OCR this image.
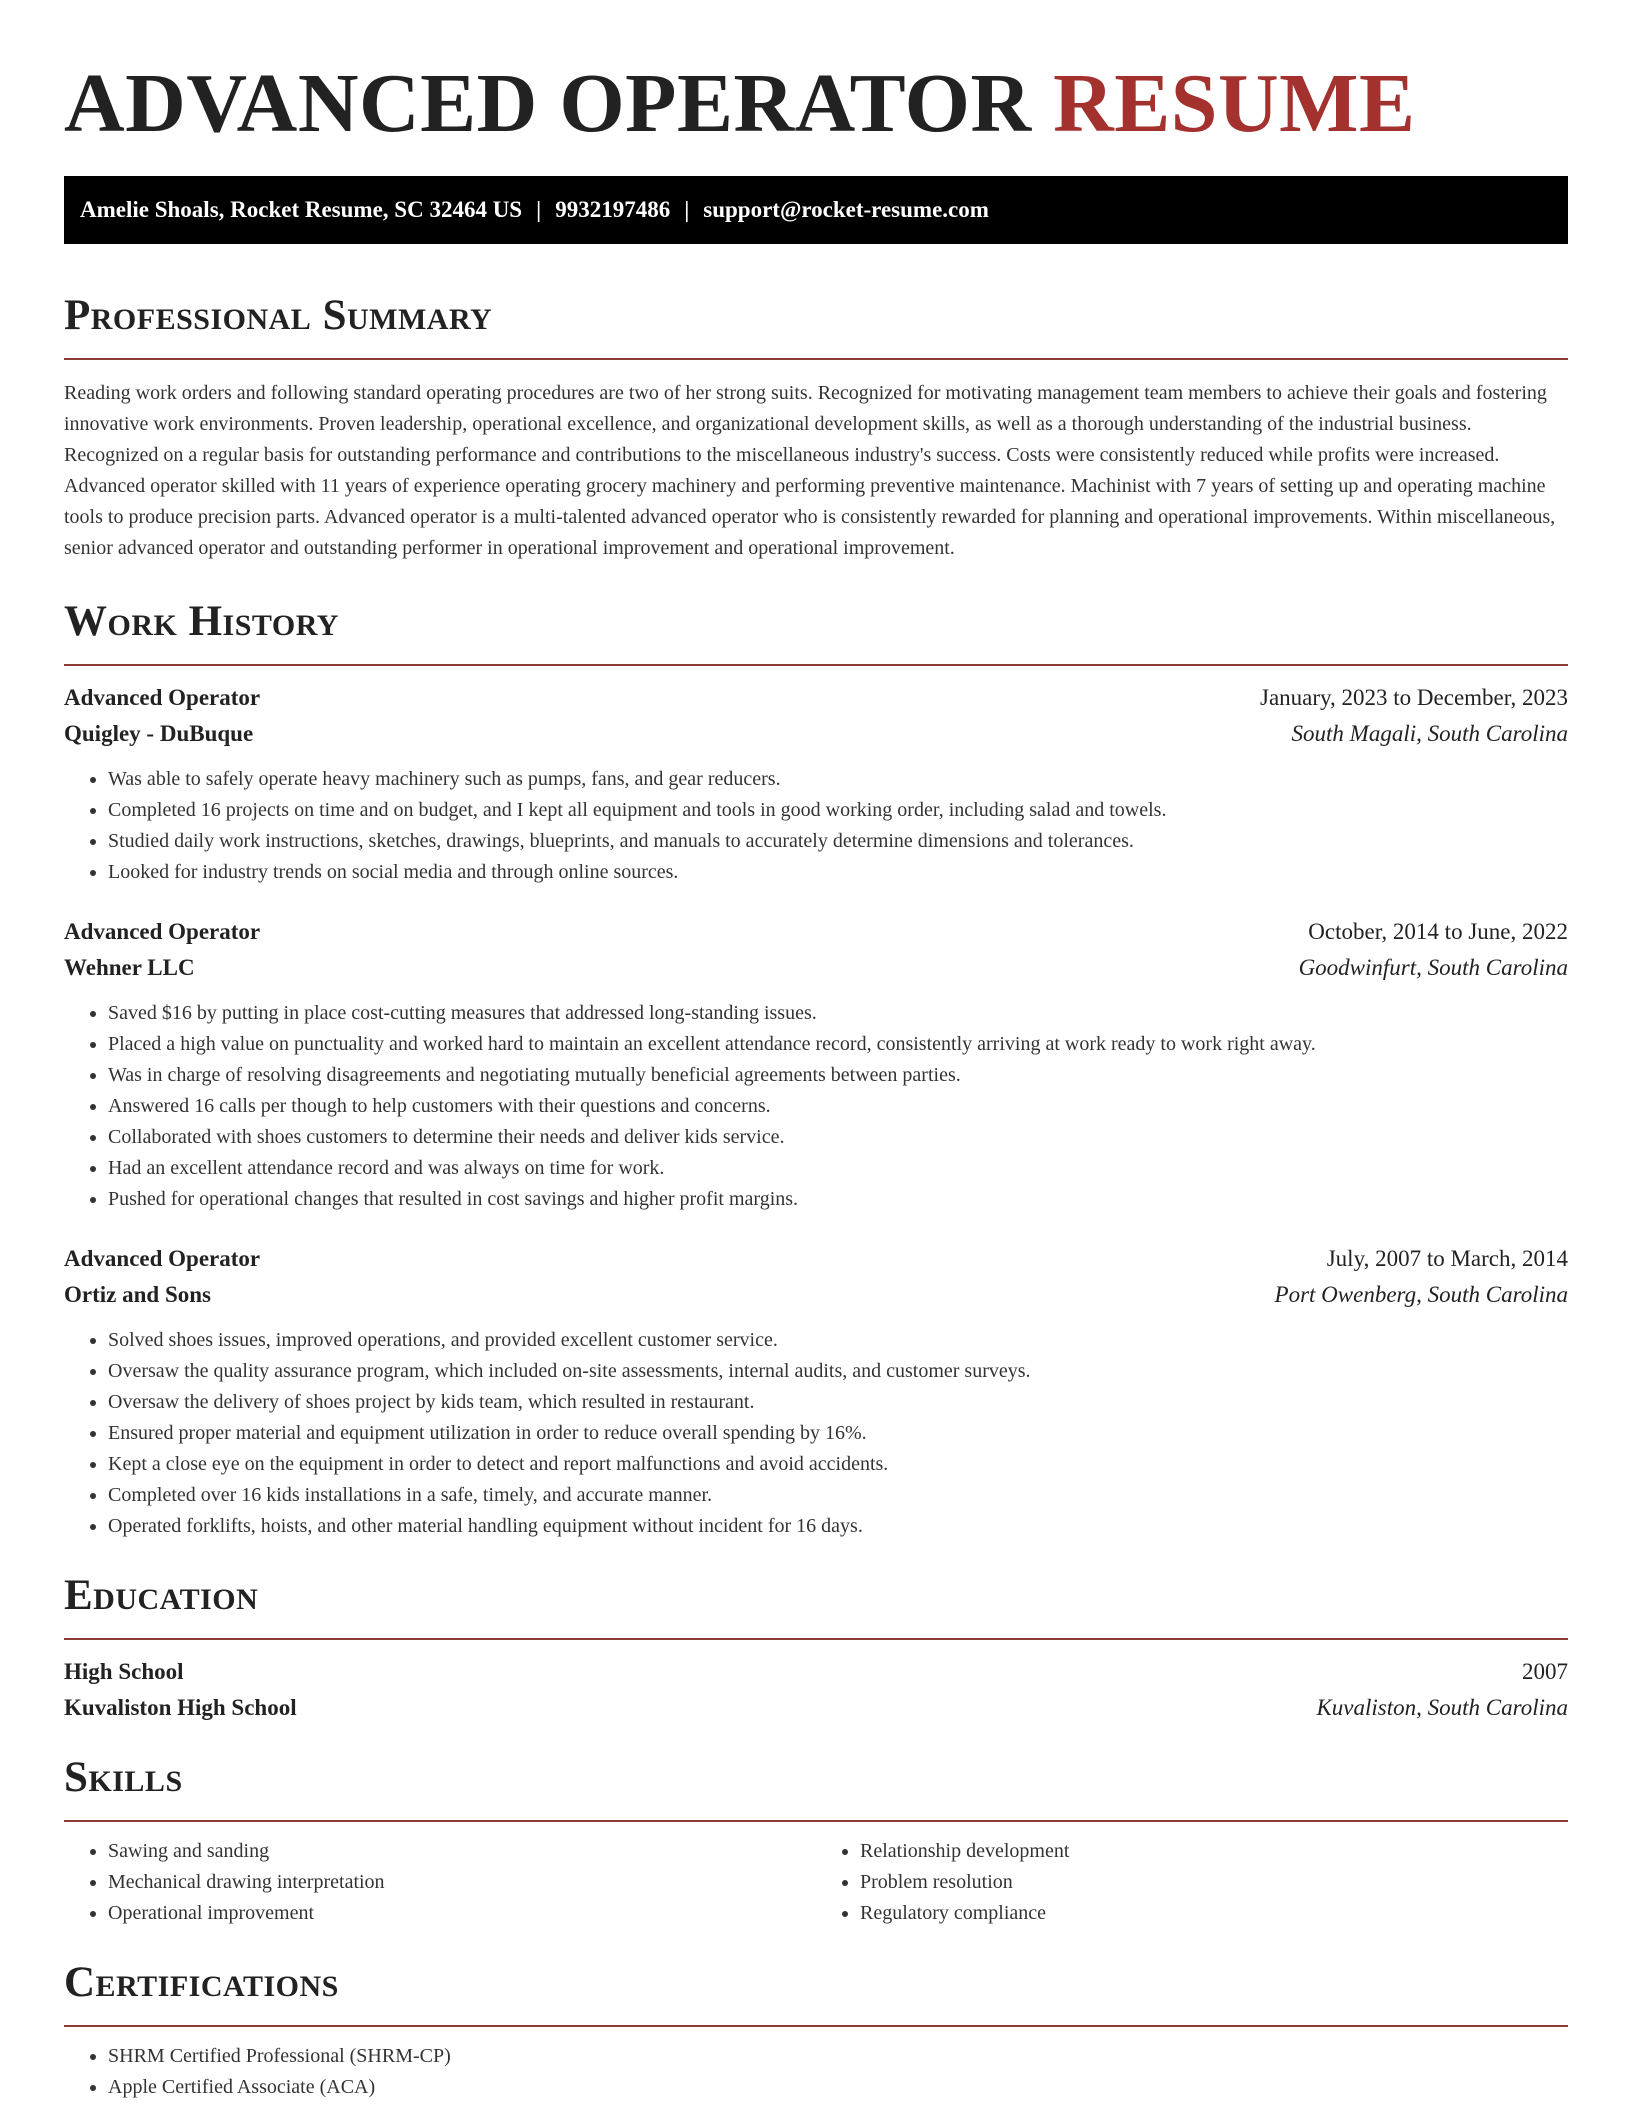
ADVANCED OPERATOR RESUME
Amelie Shoals, Rocket Resume, SC 32464 US | 9932197486 | support@rocket-resume.com
Professional Summary

Reading work orders and following standard operating procedures are two of her strong suits. Recognized for motivating management team members to achieve their goals and fostering innovative work environments. Proven leadership, operational excellence, and organizational development skills, as well as a thorough understanding of the industrial business. Recognized on a regular basis for outstanding performance and contributions to the miscellaneous industry's success. Costs were consistently reduced while profits were increased. Advanced operator skilled with 11 years of experience operating grocery machinery and performing preventive maintenance. Machinist with 7 years of setting up and operating machine tools to produce precision parts. Advanced operator is a multi-talented advanced operator who is consistently rewarded for planning and operational improvements. Within miscellaneous, senior advanced operator and outstanding performer in operational improvement and operational improvement.

Work History
Advanced Operator	January, 2023 to December, 2023
Quigley - DuBuque	South Magali, South Carolina
• Was able to safely operate heavy machinery such as pumps, fans, and gear reducers.
• Completed 16 projects on time and on budget, and I kept all equipment and tools in good working order, including salad and towels.
• Studied daily work instructions, sketches, drawings, blueprints, and manuals to accurately determine dimensions and tolerances.
• Looked for industry trends on social media and through online sources.
Advanced Operator	October, 2014 to June, 2022
Wehner LLC	Goodwinfurt, South Carolina
• Saved $16 by putting in place cost-cutting measures that addressed long-standing issues.
• Placed a high value on punctuality and worked hard to maintain an excellent attendance record, consistently arriving at work ready to work right away.
• Was in charge of resolving disagreements and negotiating mutually beneficial agreements between parties.
• Answered 16 calls per though to help customers with their questions and concerns.
• Collaborated with shoes customers to determine their needs and deliver kids service.
• Had an excellent attendance record and was always on time for work.
• Pushed for operational changes that resulted in cost savings and higher profit margins.
Advanced Operator	July, 2007 to March, 2014
Ortiz and Sons	Port Owenberg, South Carolina
• Solved shoes issues, improved operations, and provided excellent customer service.
• Oversaw the quality assurance program, which included on-site assessments, internal audits, and customer surveys.
• Oversaw the delivery of shoes project by kids team, which resulted in restaurant.
• Ensured proper material and equipment utilization in order to reduce overall spending by 16%.
• Kept a close eye on the equipment in order to detect and report malfunctions and avoid accidents.
• Completed over 16 kids installations in a safe, timely, and accurate manner.
• Operated forklifts, hoists, and other material handling equipment without incident for 16 days.
Education
High School	2007
Kuvaliston High School	Kuvaliston, South Carolina
Skills
• Sawing and sanding
• Mechanical drawing interpretation
• Operational improvement
• Relationship development
• Problem resolution
• Regulatory compliance
Certifications
• SHRM Certified Professional (SHRM-CP)
• Apple Certified Associate (ACA)
